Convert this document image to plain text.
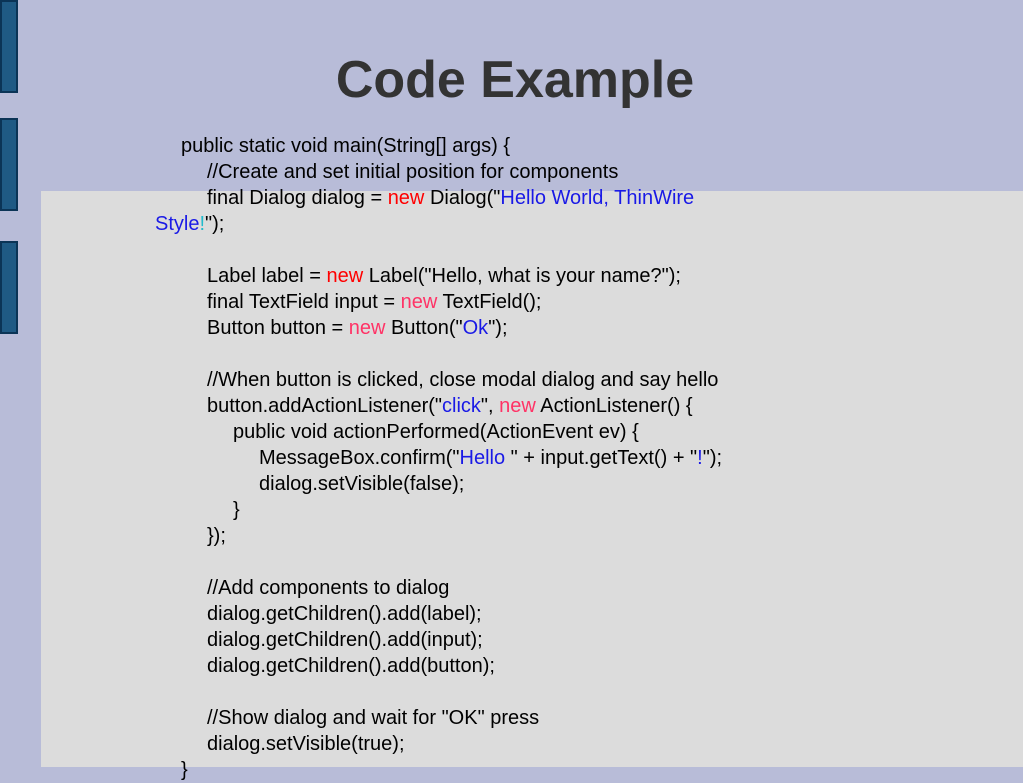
Code Example
public static void main(String[] args) {
//Create and set initial position for components
final Dialog dialog = new Dialog("Hello World, ThinWire
Style!");
Label label = new Label("Hello, what is your name?");
final TextField input = new TextField();
Button button = new Button("Ok");
//When button is clicked, close modal dialog and say hello
button.addActionListener("click", new ActionListener() {
public void actionPerformed(ActionEvent ev) {
MessageBox.confirm("Hello " + input.getText() + "!");
dialog.setVisible(false);
}
});
//Add components to dialog
dialog.getChildren().add(label);
dialog.getChildren().add(input);
dialog.getChildren().add(button);
//Show dialog and wait for "OK" press
dialog.setVisible(true);
}
